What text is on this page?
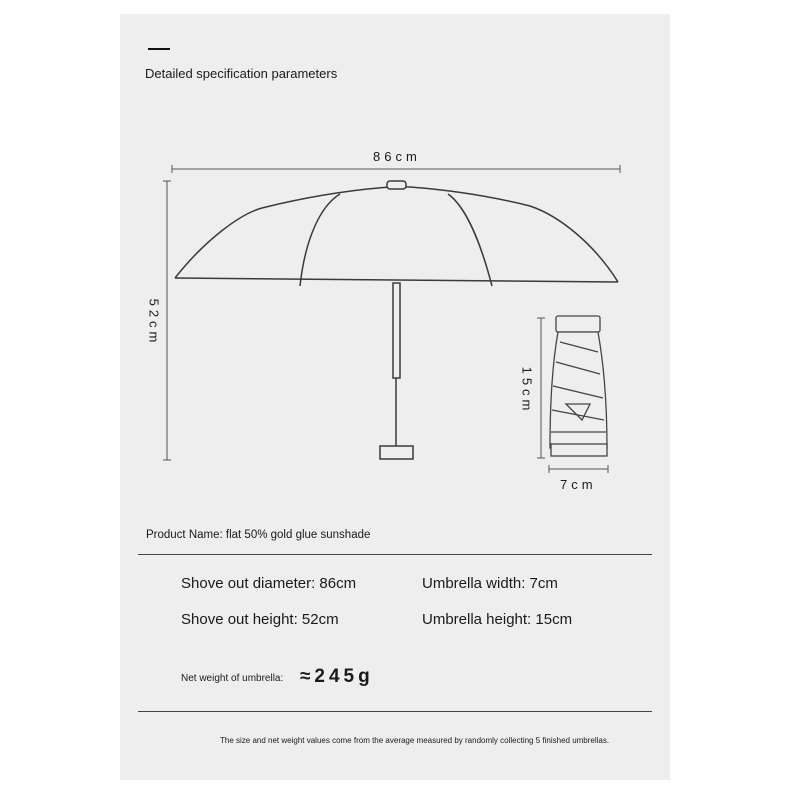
Detailed specification parameters
86cm
52cm
15cm
7cm
Product Name: flat 50% gold glue sunshade
Shove out diameter: 86cm	Umbrella width: 7cm
Shove out height: 52cm	Umbrella height: 15cm
Net weight of umbrella: ≈245g
The size and net weight values come from the average measured by randomly collecting 5 finished umbrellas.
